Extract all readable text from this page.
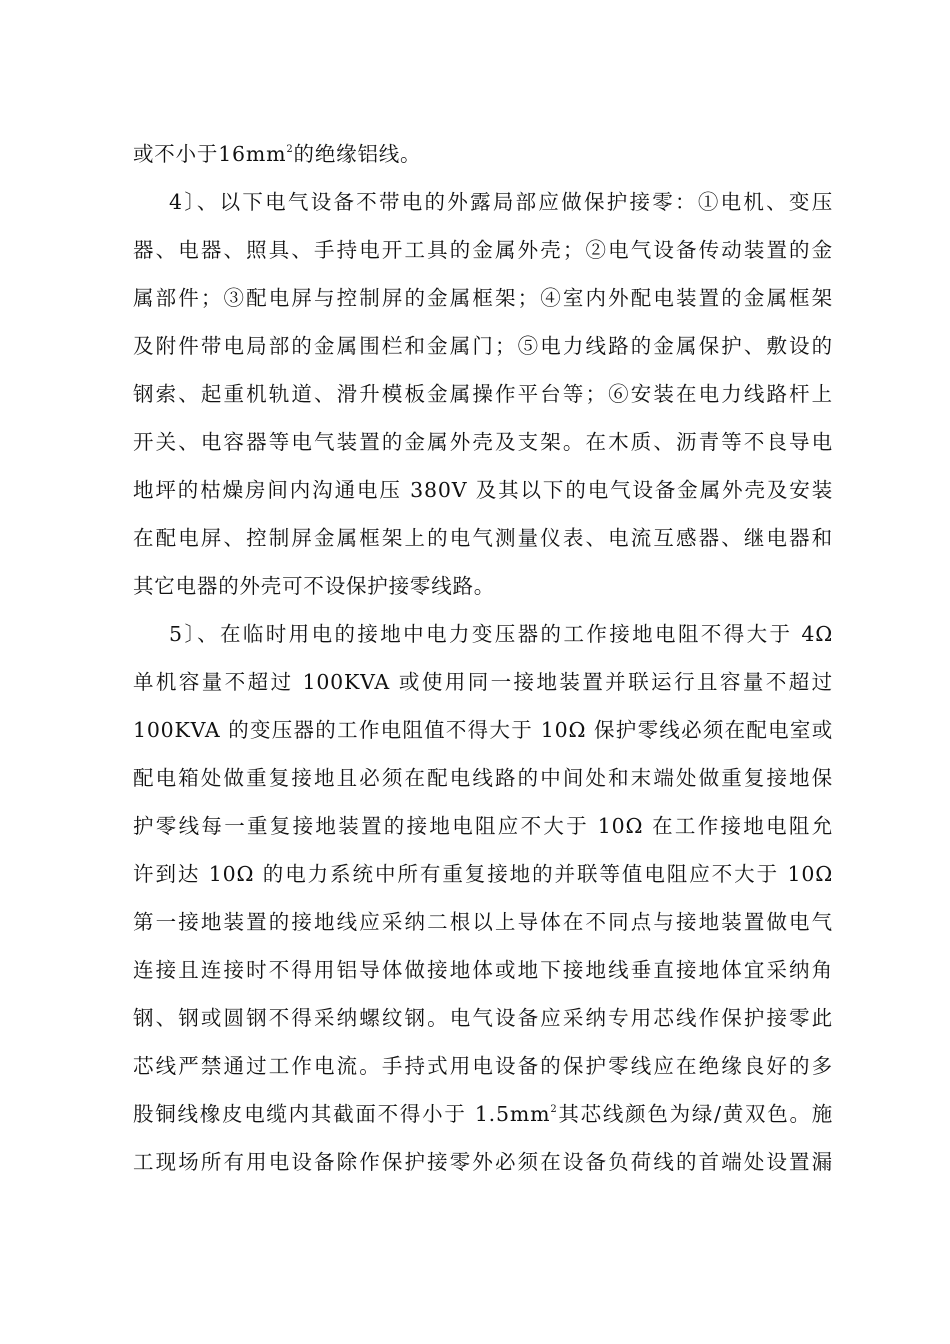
或不小于$16mm^2$的绝缘铝线。
4〕、以下电气设备不带电的外露局部应做保护接零：①电机、变压
器、电器、照具、手持电开工具的金属外壳；②电气设备传动装置的金
属部件；③配电屏与控制屏的金属框架；④室内外配电装置的金属框架
及附件带电局部的金属围栏和金属门；⑤电力线路的金属保护、敷设的
钢索、起重机轨道、滑升模板金属操作平台等；⑥安装在电力线路杆上
开关、电容器等电气装置的金属外壳及支架。在木质、沥青等不良导电
地坪的枯燥房间内沟通电压 380V 及其以下的电气设备金属外壳及安装
在配电屏、控制屏金属框架上的电气测量仪表、电流互感器、继电器和
其它电器的外壳可不设保护接零线路。
5〕、在临时用电的接地中电力变压器的工作接地电阻不得大于 4Ω
单机容量不超过 100KVA 或使用同一接地装置并联运行且容量不超过
100KVA 的变压器的工作电阻值不得大于 10Ω 保护零线必须在配电室或
配电箱处做重复接地且必须在配电线路的中间处和末端处做重复接地保
护零线每一重复接地装置的接地电阻应不大于 10Ω 在工作接地电阻允
许到达 10Ω 的电力系统中所有重复接地的并联等值电阻应不大于 10Ω
第一接地装置的接地线应采纳二根以上导体在不同点与接地装置做电气
连接且连接时不得用铝导体做接地体或地下接地线垂直接地体宜采纳角
钢、钢或圆钢不得采纳螺纹钢。电气设备应采纳专用芯线作保护接零此
芯线严禁通过工作电流。手持式用电设备的保护零线应在绝缘良好的多
股铜线橡皮电缆内其截面不得小于 $1.5mm^2$其芯线颜色为绿/黄双色。施
工现场所有用电设备除作保护接零外必须在设备负荷线的首端处设置漏
